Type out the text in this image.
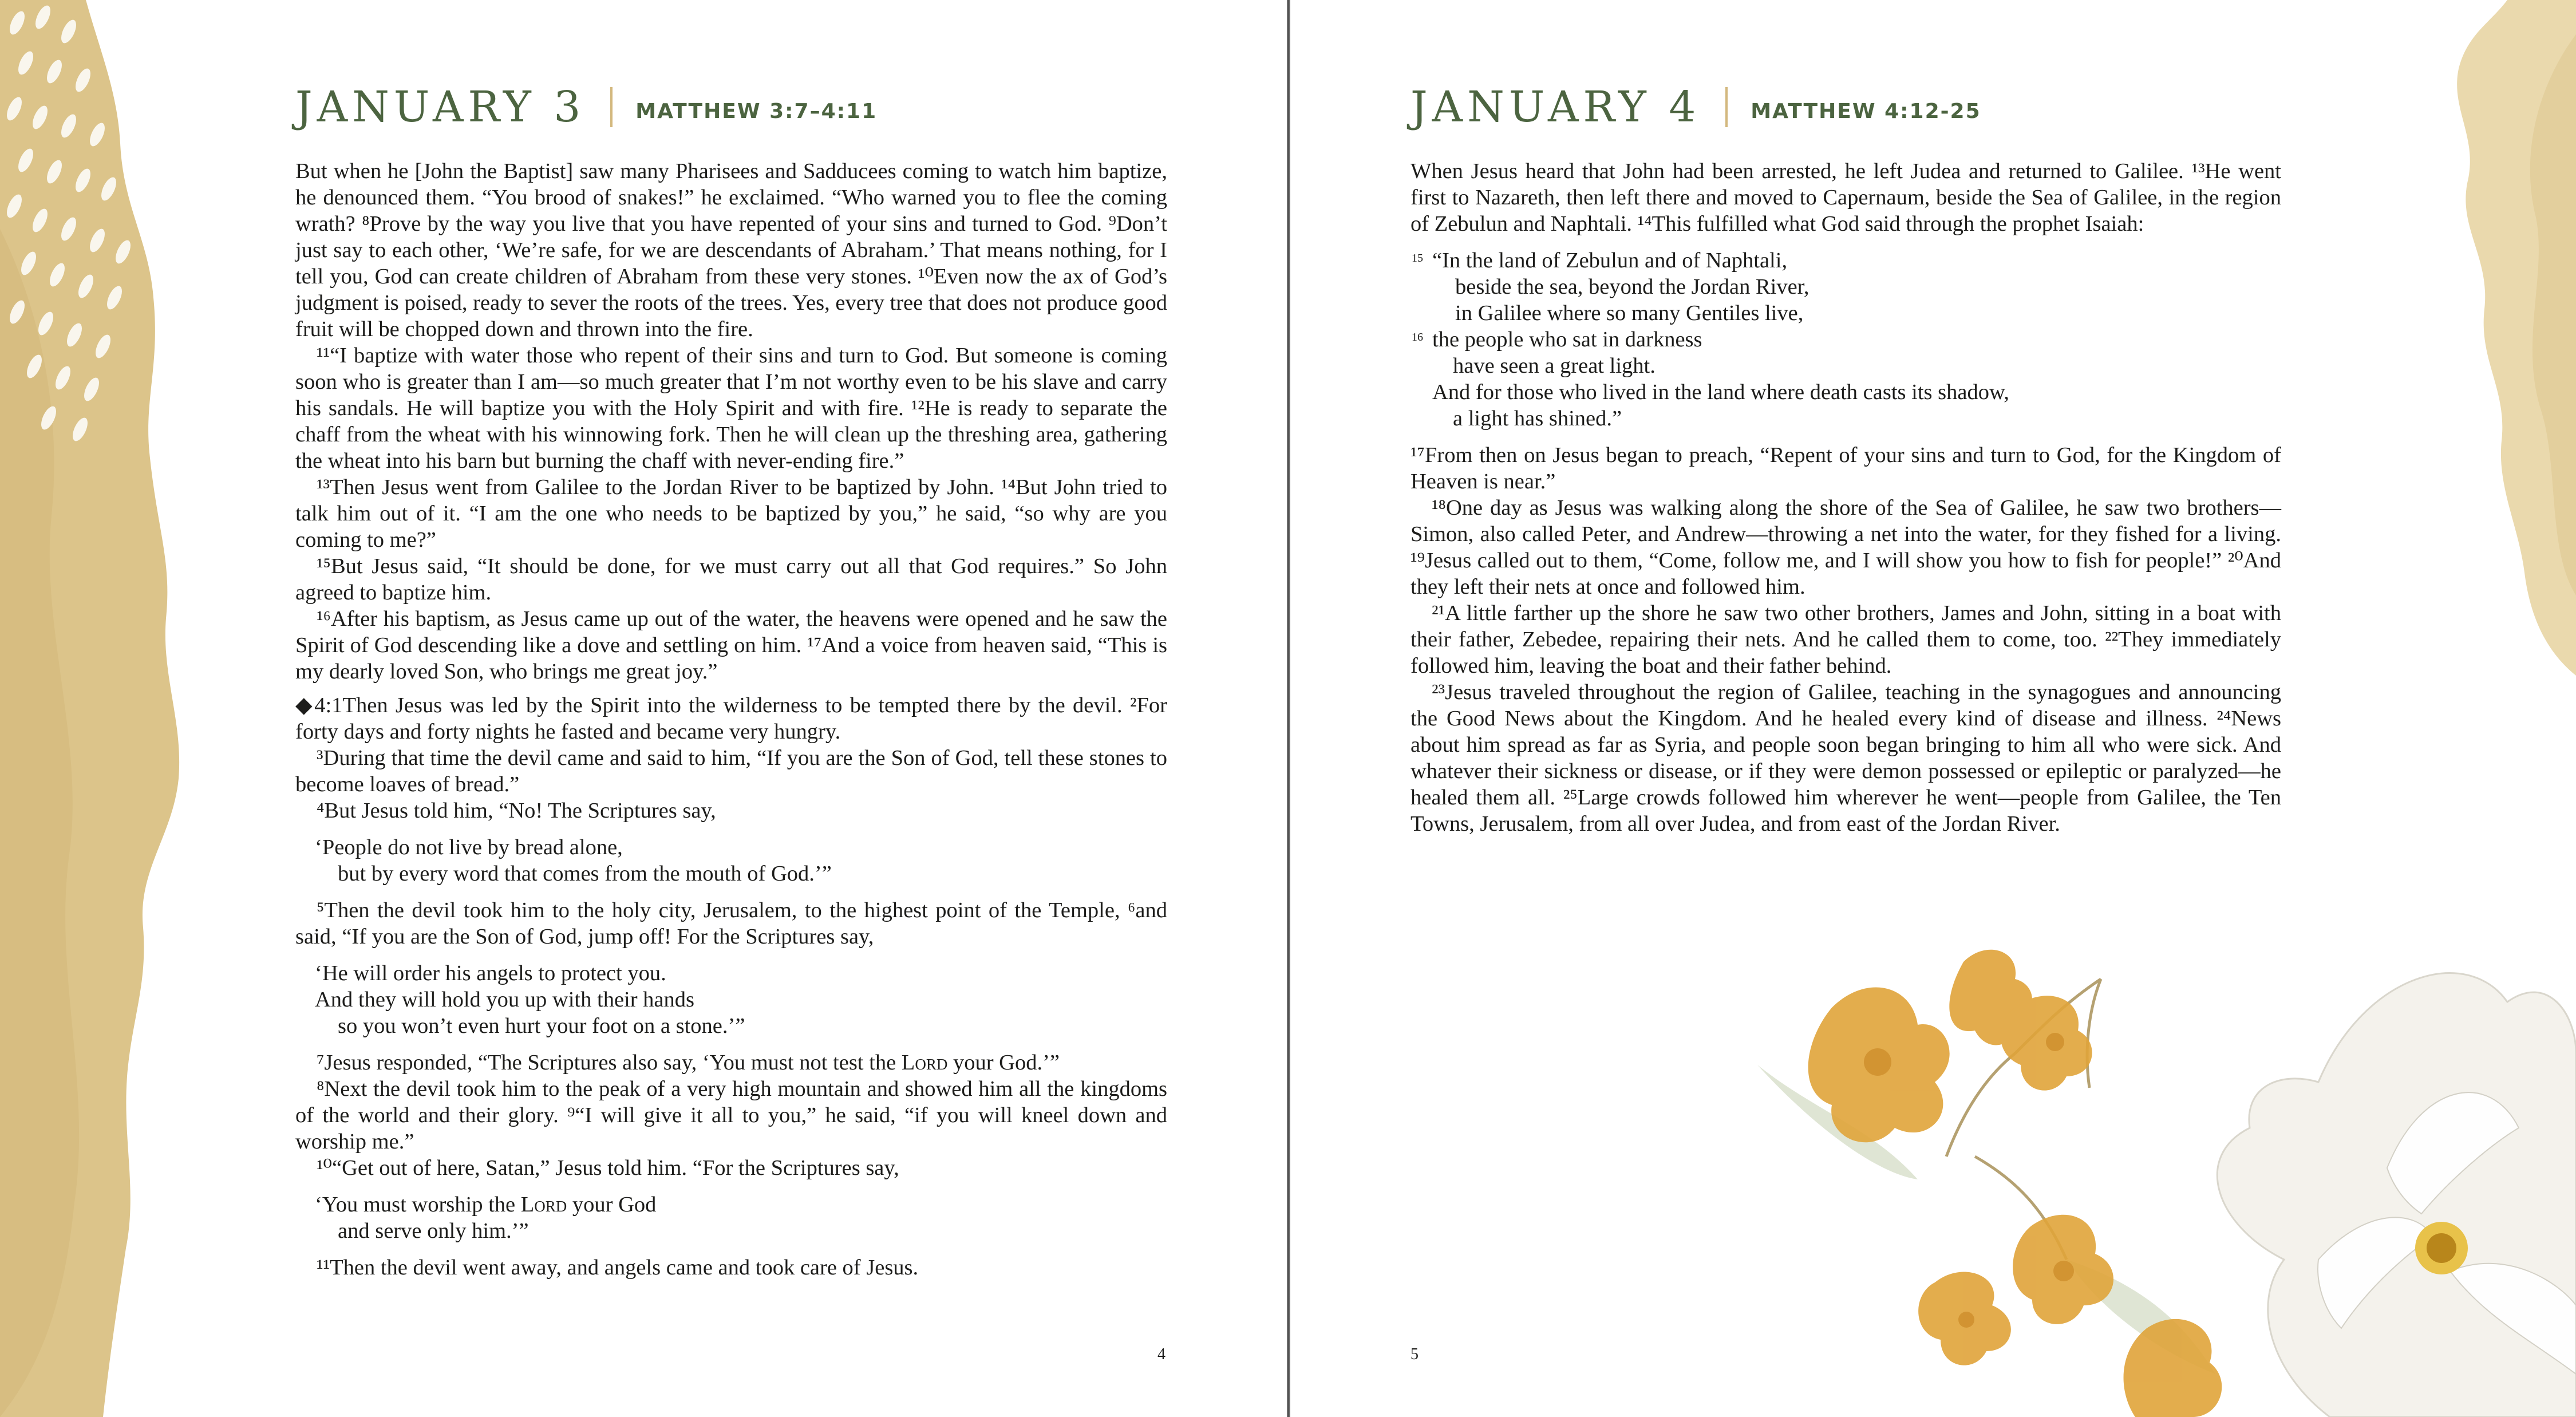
JANUARY 3 MATTHEW 3:7–4:11

But when he [John the Baptist] saw many Pharisees and Sadducees coming to watch him baptize, he denounced them. “You brood of snakes!” he exclaimed. “Who warned you to flee the coming wrath? ⁸Prove by the way you live that you have repented of your sins and turned to God. ⁹Don’t just say to each other, ‘We’re safe, for we are descendants of Abraham.’ That means nothing, for I tell you, God can create children of Abraham from these very stones. ¹⁰Even now the ax of God’s judgment is poised, ready to sever the roots of the trees. Yes, every tree that does not produce good fruit will be chopped down and thrown into the fire.

¹¹“I baptize with water those who repent of their sins and turn to God. But someone is coming soon who is greater than I am—so much greater that I’m not worthy even to be his slave and carry his sandals. He will baptize you with the Holy Spirit and with fire. ¹²He is ready to separate the chaff from the wheat with his winnowing fork. Then he will clean up the threshing area, gathering the wheat into his barn but burning the chaff with never-ending fire.”

¹³Then Jesus went from Galilee to the Jordan River to be baptized by John. ¹⁴But John tried to talk him out of it. “I am the one who needs to be baptized by you,” he said, “so why are you coming to me?”

¹⁵But Jesus said, “It should be done, for we must carry out all that God requires.” So John agreed to baptize him.

¹⁶After his baptism, as Jesus came up out of the water, the heavens were opened and he saw the Spirit of God descending like a dove and settling on him. ¹⁷And a voice from heaven said, “This is my dearly loved Son, who brings me great joy.”

◆4:1Then Jesus was led by the Spirit into the wilderness to be tempted there by the devil. ²For forty days and forty nights he fasted and became very hungry.

³During that time the devil came and said to him, “If you are the Son of God, tell these stones to become loaves of bread.”

⁴But Jesus told him, “No! The Scriptures say,

‘People do not live by bread alone,
but by every word that comes from the mouth of God.’”

⁵Then the devil took him to the holy city, Jerusalem, to the highest point of the Temple, ⁶and said, “If you are the Son of God, jump off! For the Scriptures say,

‘He will order his angels to protect you.
And they will hold you up with their hands
so you won’t even hurt your foot on a stone.’”

⁷Jesus responded, “The Scriptures also say, ‘You must not test the Lord your God.’”

⁸Next the devil took him to the peak of a very high mountain and showed him all the kingdoms of the world and their glory. ⁹“I will give it all to you,” he said, “if you will kneel down and worship me.”

¹⁰“Get out of here, Satan,” Jesus told him. “For the Scriptures say,

‘You must worship the Lord your God
and serve only him.’”

¹¹Then the devil went away, and angels came and took care of Jesus.

4
JANUARY 4 MATTHEW 4:12-25

When Jesus heard that John had been arrested, he left Judea and returned to Galilee. ¹³He went first to Nazareth, then left there and moved to Capernaum, beside the Sea of Galilee, in the region of Zebulun and Naphtali. ¹⁴This fulfilled what God said through the prophet Isaiah:

15 “In the land of Zebulun and of Naphtali,
beside the sea, beyond the Jordan River,
in Galilee where so many Gentiles live,
16 the people who sat in darkness
have seen a great light.
And for those who lived in the land where death casts its shadow,
a light has shined.”

¹⁷From then on Jesus began to preach, “Repent of your sins and turn to God, for the Kingdom of Heaven is near.”

¹⁸One day as Jesus was walking along the shore of the Sea of Galilee, he saw two brothers—Simon, also called Peter, and Andrew—throwing a net into the water, for they fished for a living. ¹⁹Jesus called out to them, “Come, follow me, and I will show you how to fish for people!” ²⁰And they left their nets at once and followed him.

²¹A little farther up the shore he saw two other brothers, James and John, sitting in a boat with their father, Zebedee, repairing their nets. And he called them to come, too. ²²They immediately followed him, leaving the boat and their father behind.

²³Jesus traveled throughout the region of Galilee, teaching in the synagogues and announcing the Good News about the Kingdom. And he healed every kind of disease and illness. ²⁴News about him spread as far as Syria, and people soon began bringing to him all who were sick. And whatever their sickness or disease, or if they were demon possessed or epileptic or paralyzed—he healed them all. ²⁵Large crowds followed him wherever he went—people from Galilee, the Ten Towns, Jerusalem, from all over Judea, and from east of the Jordan River.

5
